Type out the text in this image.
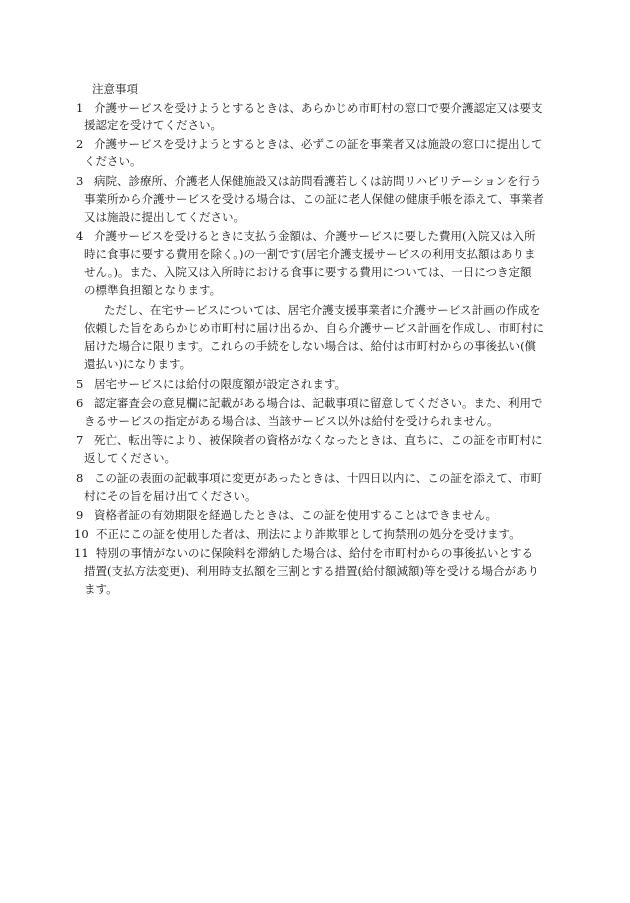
注意事項
1 介護サービスを受けようとするときは、あらかじめ市町村の窓口で要介護認定又は要支
援認定を受けてください。
2 介護サービスを受けようとするときは、必ずこの証を事業者又は施設の窓口に提出して
ください。
3 病院、診療所、介護老人保健施設又は訪問看護若しくは訪問リハビリテーションを行う
事業所から介護サービスを受ける場合は、この証に老人保健の健康手帳を添えて、事業者
又は施設に提出してください。
4 介護サービスを受けるときに支払う金額は、介護サービスに要した費用(入院又は入所
時に食事に要する費用を除く。)の一割です(居宅介護支援サービスの利用支払額はありま
せん。)。また、入院又は入所時における食事に要する費用については、一日につき定額
の標準負担額となります。
ただし、在宅サービスについては、居宅介護支援事業者に介護サービス計画の作成を
依頼した旨をあらかじめ市町村に届け出るか、自ら介護サービス計画を作成し、市町村に
届けた場合に限ります。これらの手続をしない場合は、給付は市町村からの事後払い(償
還払い)になります。
5 居宅サービスには給付の限度額が設定されます。
6 認定審査会の意見欄に記載がある場合は、記載事項に留意してください。また、利用で
きるサービスの指定がある場合は、当該サービス以外は給付を受けられません。
7 死亡、転出等により、被保険者の資格がなくなったときは、直ちに、この証を市町村に
返してください。
8 この証の表面の記載事項に変更があったときは、十四日以内に、この証を添えて、市町
村にその旨を届け出てください。
9 資格者証の有効期限を経過したときは、この証を使用することはできません。
10 不正にこの証を使用した者は、刑法により詐欺罪として拘禁刑の処分を受けます。
11 特別の事情がないのに保険料を滞納した場合は、給付を市町村からの事後払いとする
措置(支払方法変更)、利用時支払額を三割とする措置(給付額減額)等を受ける場合があり
ます。
